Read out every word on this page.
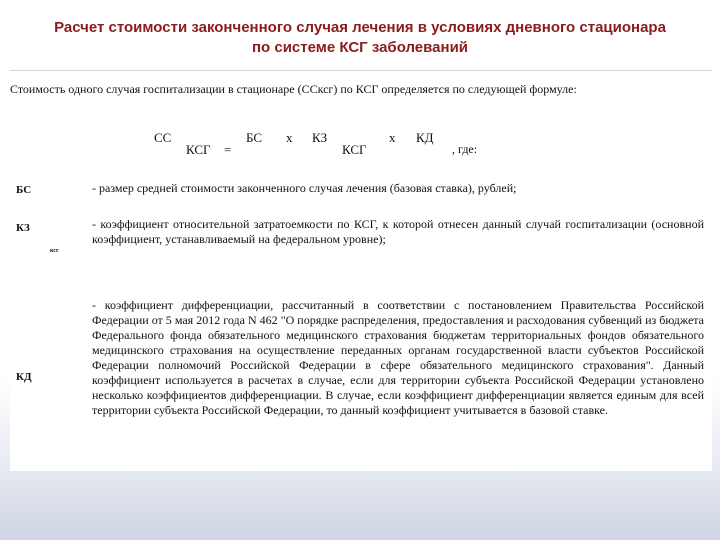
Расчет стоимости законченного случая лечения в условиях дневного стационара
по системе КСГ заболеваний
Стоимость одного случая госпитализации в стационаре (ССксг) по КСГ определяется по следующей формуле:
СС
КСГ =
БС х КЗ
КСГ
х КД
, где:
БС	- размер средней стоимости законченного случая лечения (базовая ставка), рублей;
КЗ
ксг
- коэффициент относительной затратоемкости по КСГ, к которой отнесен данный случай госпитализации (основной коэффициент, устанавливаемый на федеральном уровне);
КД
- коэффициент дифференциации, рассчитанный в соответствии с постановлением Правительства Российской Федерации от 5 мая 2012 года N 462 "О порядке распределения, предоставления и расходования субвенций из бюджета Федерального фонда обязательного медицинского страхования бюджетам территориальных фондов обязательного медицинского страхования на осуществление переданных органам государственной власти субъектов Российской Федерации полномочий Российской Федерации в сфере обязательного медицинского страхования". Данный коэффициент используется в расчетах в случае, если для территории субъекта Российской Федерации установлено несколько коэффициентов дифференциации. В случае, если коэффициент дифференциации является единым для всей территории субъекта Российской Федерации, то данный коэффициент учитывается в базовой ставке.
